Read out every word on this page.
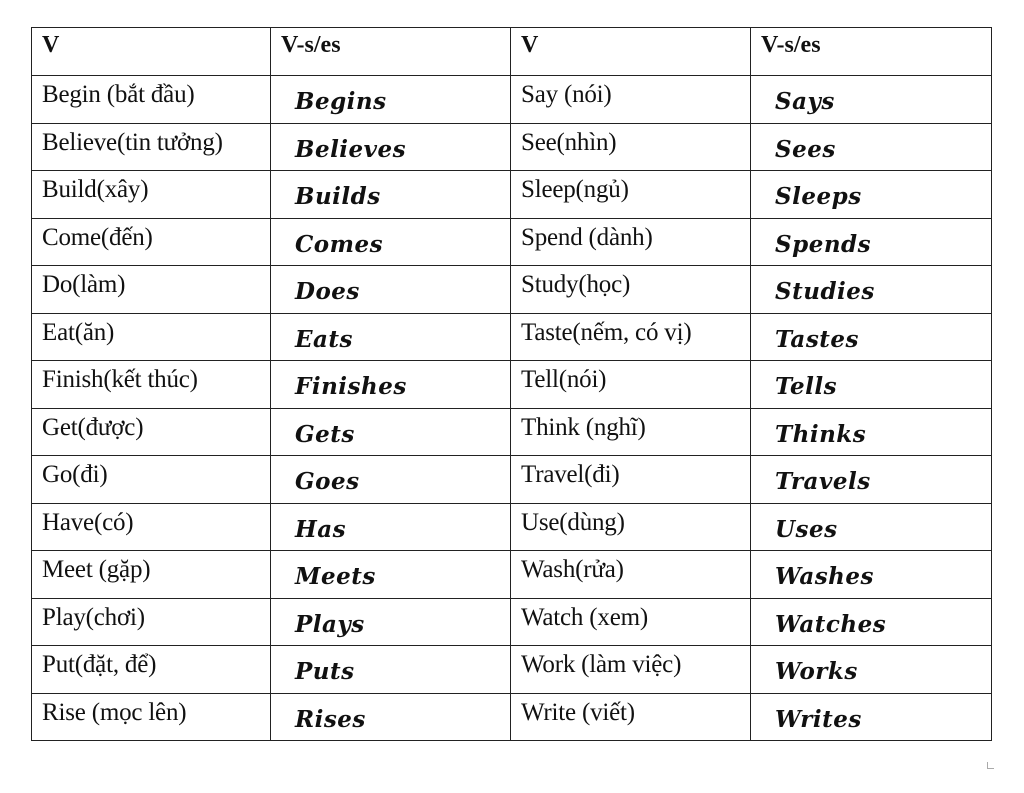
V	V-s/es	V	V-s/es

Begin (bắt đầu)	Begins	Say (nói)	Says

Believe(tin tưởng)	Believes	See(nhìn)	Sees

Build(xây)	Builds	Sleep(ngủ)	Sleeps

Come(đến)	Comes	Spend (dành)	Spends

Do(làm)	Does	Study(học)	Studies

Eat(ăn)	Eats	Taste(nếm, có vị)	Tastes

Finish(kết thúc)	Finishes	Tell(nói)	Tells

Get(được)	Gets	Think (nghĩ)	Thinks

Go(đi)	Goes	Travel(đi)	Travels

Have(có)	Has	Use(dùng)	Uses

Meet (gặp)	Meets	Wash(rửa)	Washes

Play(chơi)	Plays	Watch (xem)	Watches

Put(đặt, để)	Puts	Work (làm việc)	Works

Rise (mọc lên)	Rises	Write (viết)	Writes
